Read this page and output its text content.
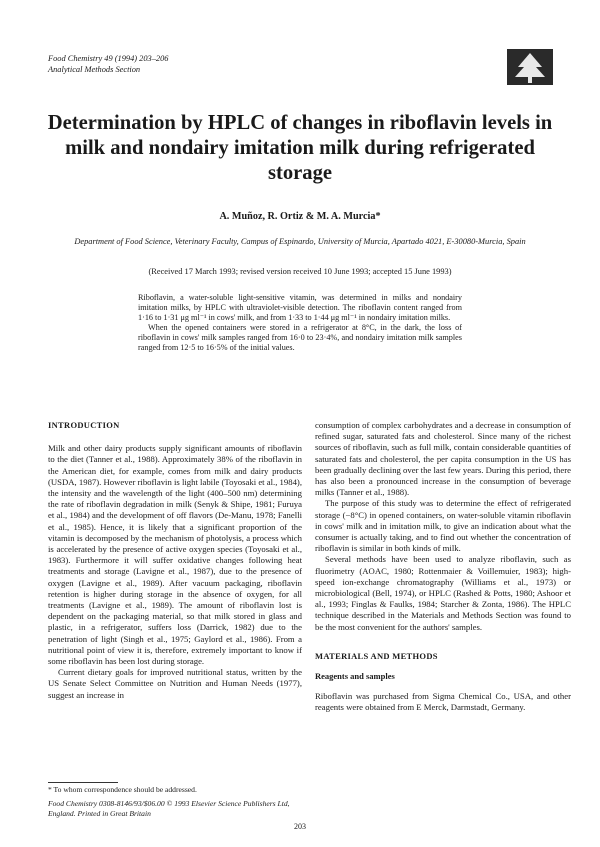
Food Chemistry 49 (1994) 203–206
Analytical Methods Section
Determination by HPLC of changes in riboflavin levels in milk and nondairy imitation milk during refrigerated storage
A. Muñoz, R. Ortiz & M. A. Murcia*
Department of Food Science, Veterinary Faculty, Campus of Espinardo, University of Murcia, Apartado 4021, E-30080-Murcia, Spain
(Received 17 March 1993; revised version received 10 June 1993; accepted 15 June 1993)

Riboflavin, a water-soluble light-sensitive vitamin, was determined in milks and nondairy imitation milks, by HPLC with ultraviolet-visible detection. The riboflavin content ranged from 1·16 to 1·31 μg ml⁻¹ in cows' milk, and from 1·33 to 1·44 μg ml⁻¹ in nondairy imitation milks.

When the opened containers were stored in a refrigerator at 8°C, in the dark, the loss of riboflavin in cows' milk samples ranged from 16·0 to 23·4%, and nondairy imitation milk samples ranged from 12·5 to 16·5% of the initial values.

INTRODUCTION

Milk and other dairy products supply significant amounts of riboflavin to the diet (Tanner et al., 1988). Approximately 38% of the riboflavin in the American diet, for example, comes from milk and dairy products (USDA, 1987). However riboflavin is light labile (Toyosaki et al., 1984), the intensity and the wavelength of the light (400–500 nm) determining the rate of riboflavin degradation in milk (Senyk & Shipe, 1981; Furuya et al., 1984) and the development of off flavors (De-Manu, 1978; Fanelli et al., 1985). Hence, it is likely that a significant proportion of the vitamin is decomposed by the mechanism of photolysis, a process which is accelerated by the presence of active oxygen species (Toyosaki et al., 1983). Furthermore it will suffer oxidative changes following heat treatments and storage (Lavigne et al., 1987), due to the presence of oxygen (Lavigne et al., 1989). After vacuum packaging, riboflavin retention is higher during storage in the absence of oxygen, for all treatments (Lavigne et al., 1989). The amount of riboflavin lost is dependent on the packaging material, so that milk stored in glass and plastic, in a refrigerator, suffers loss (Darrick, 1982) due to the penetration of light (Singh et al., 1975; Gaylord et al., 1986). From a nutritional point of view it is, therefore, extremely important to know if some riboflavin has been lost during storage.

Current dietary goals for improved nutritional status, written by the US Senate Select Committee on Nutrition and Human Needs (1977), suggest an increase in

consumption of complex carbohydrates and a decrease in consumption of refined sugar, saturated fats and cholesterol. Since many of the richest sources of riboflavin, such as full milk, contain considerable quantities of saturated fats and cholesterol, the per capita consumption in the US has been gradually declining over the last few years. During this period, there has also been a pronounced increase in the consumption of beverage milks (Tanner et al., 1988).

The purpose of this study was to determine the effect of refrigerated storage (−8°C) in opened containers, on water-soluble vitamin riboflavin in cows' milk and in imitation milk, to give an indication about what the consumer is actually taking, and to find out whether the concentration of riboflavin is similar in both kinds of milk.

Several methods have been used to analyze riboflavin, such as fluorimetry (AOAC, 1980; Rottenmaier & Voillemuier, 1983); high-speed ion-exchange chromatography (Williams et al., 1973) or microbiological (Bell, 1974), or HPLC (Rashed & Potts, 1980; Ashoor et al., 1993; Finglas & Faulks, 1984; Starcher & Zonta, 1986). The HPLC technique described in the Materials and Methods Section was found to be the most convenient for the authors' samples.

MATERIALS AND METHODS
Reagents and samples

Riboflavin was purchased from Sigma Chemical Co., USA, and other reagents were obtained from E Merck, Darmstadt, Germany.

* To whom correspondence should be addressed.
Food Chemistry 0308-8146/93/$06.00 © 1993 Elsevier Science Publishers Ltd, England. Printed in Great Britain
203
